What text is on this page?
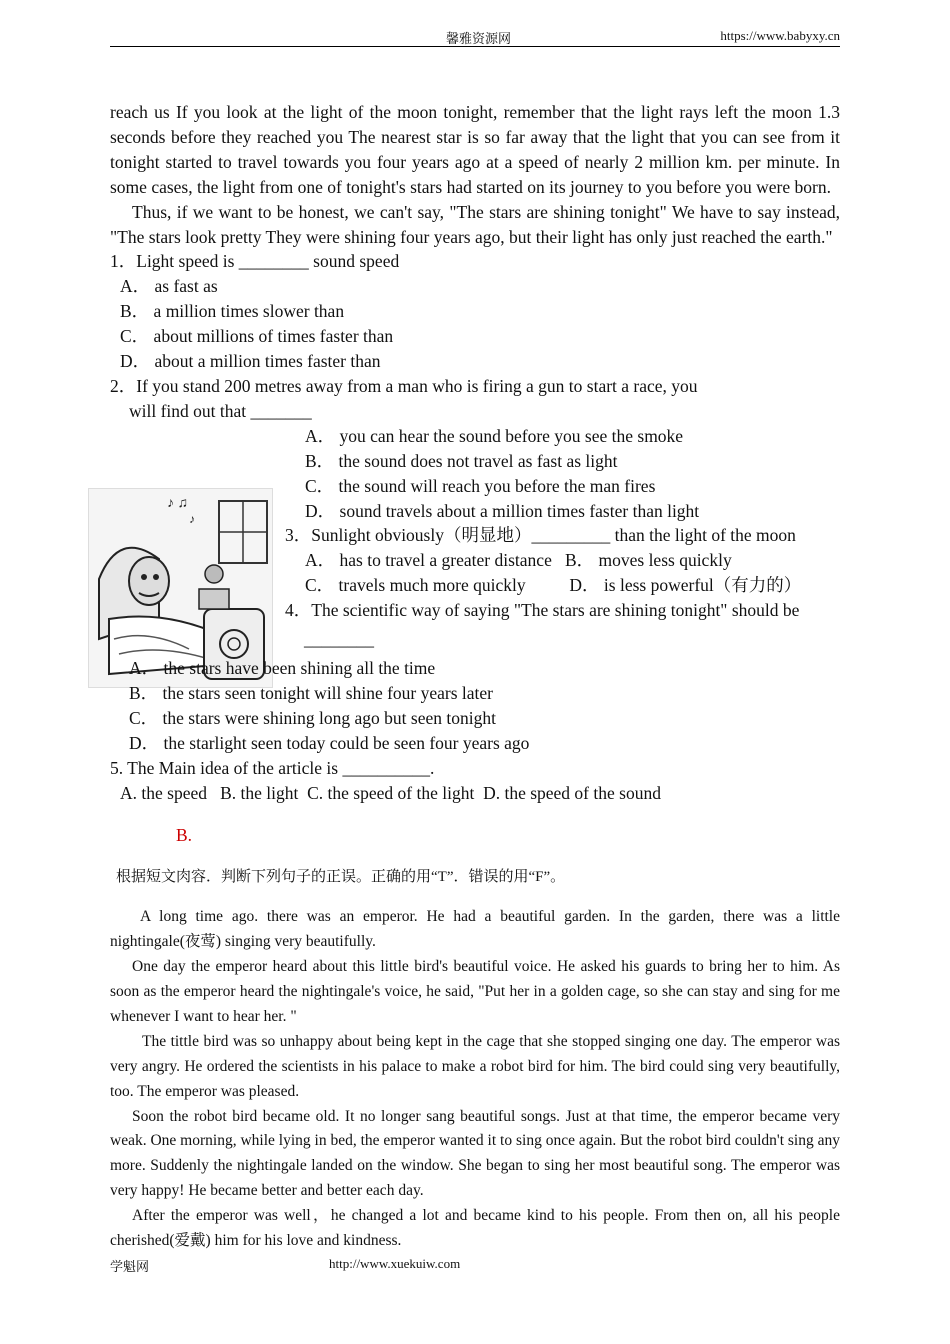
馨雅资源网	https://www.babyxy.cn
♪ ♫
♪

reach us If you look at the light of the moon tonight, remember that the light rays left the moon 1.3 seconds before they reached you The nearest star is so far away that the light that you can see from it tonight started to travel towards you four years ago at a speed of nearly 2 million km. per minute. In some cases, the light from one of tonight's stars had started on its journey to you before you were born.

Thus, if we want to be honest, we can't say, "The stars are shining tonight" We have to say instead, "The stars look pretty They were shining four years ago, but their light has only just reached the earth."

1．Light speed is ________ sound speed

A． as fast as

B． a million times slower than

C． about millions of times faster than

D． about a million times faster than

2．If you stand 200 metres away from a man who is firing a gun to start a race, you

will find out that _______

A． you can hear the sound before you see the smoke

B． the sound does not travel as fast as light

C． the sound will reach you before the man fires

D． sound travels about a million times faster than light

3．Sunlight obviously（明显地）_________ than the light of the moon

A． has to travel a greater distance   B． moves less quickly

C． travels much more quickly          D． is less powerful（有力的）

4．The scientific way of saying "The stars are shining tonight" should be

________

A． the stars have been shining all the time

B． the stars seen tonight will shine four years later

C． the stars were shining long ago but seen tonight

D． the starlight seen today could be seen four years ago

5. The Main idea of the article is __________.

A. the speed   B. the light  C. the speed of the light  D. the speed of the sound

B.

根据短文肉容．判断下列句子的正误。正确的用“T”．错误的用“F”。

A long time ago. there was an emperor. He had a beautiful garden. In the garden, there was a little nightingale(夜莺) singing very beautifully.

One day the emperor heard about this little bird's beautiful voice. He asked his guards to bring her to him. As soon as the emperor heard the nightingale's voice, he said, "Put her in a golden cage, so she can stay and sing for me whenever I want to hear her. "

The tittle bird was so unhappy about being kept in the cage that she stopped singing one day. The emperor was very angry. He ordered the scientists in his palace to make a robot bird for him. The bird could sing very beautifully, too. The emperor was pleased.

Soon the robot bird became old. It no longer sang beautiful songs. Just at that time, the emperor became very weak. One morning, while lying in bed, the emperor wanted it to sing once again. But the robot bird couldn't sing any more. Suddenly the nightingale landed on the window. She began to sing her most beautiful song. The emperor was very happy! He became better and better each day.

After the emperor was well，he changed a lot and became kind to his people. From then on, all his people cherished(爱戴) him for his love and kindness.

学魁网	http://www.xuekuiw.com
